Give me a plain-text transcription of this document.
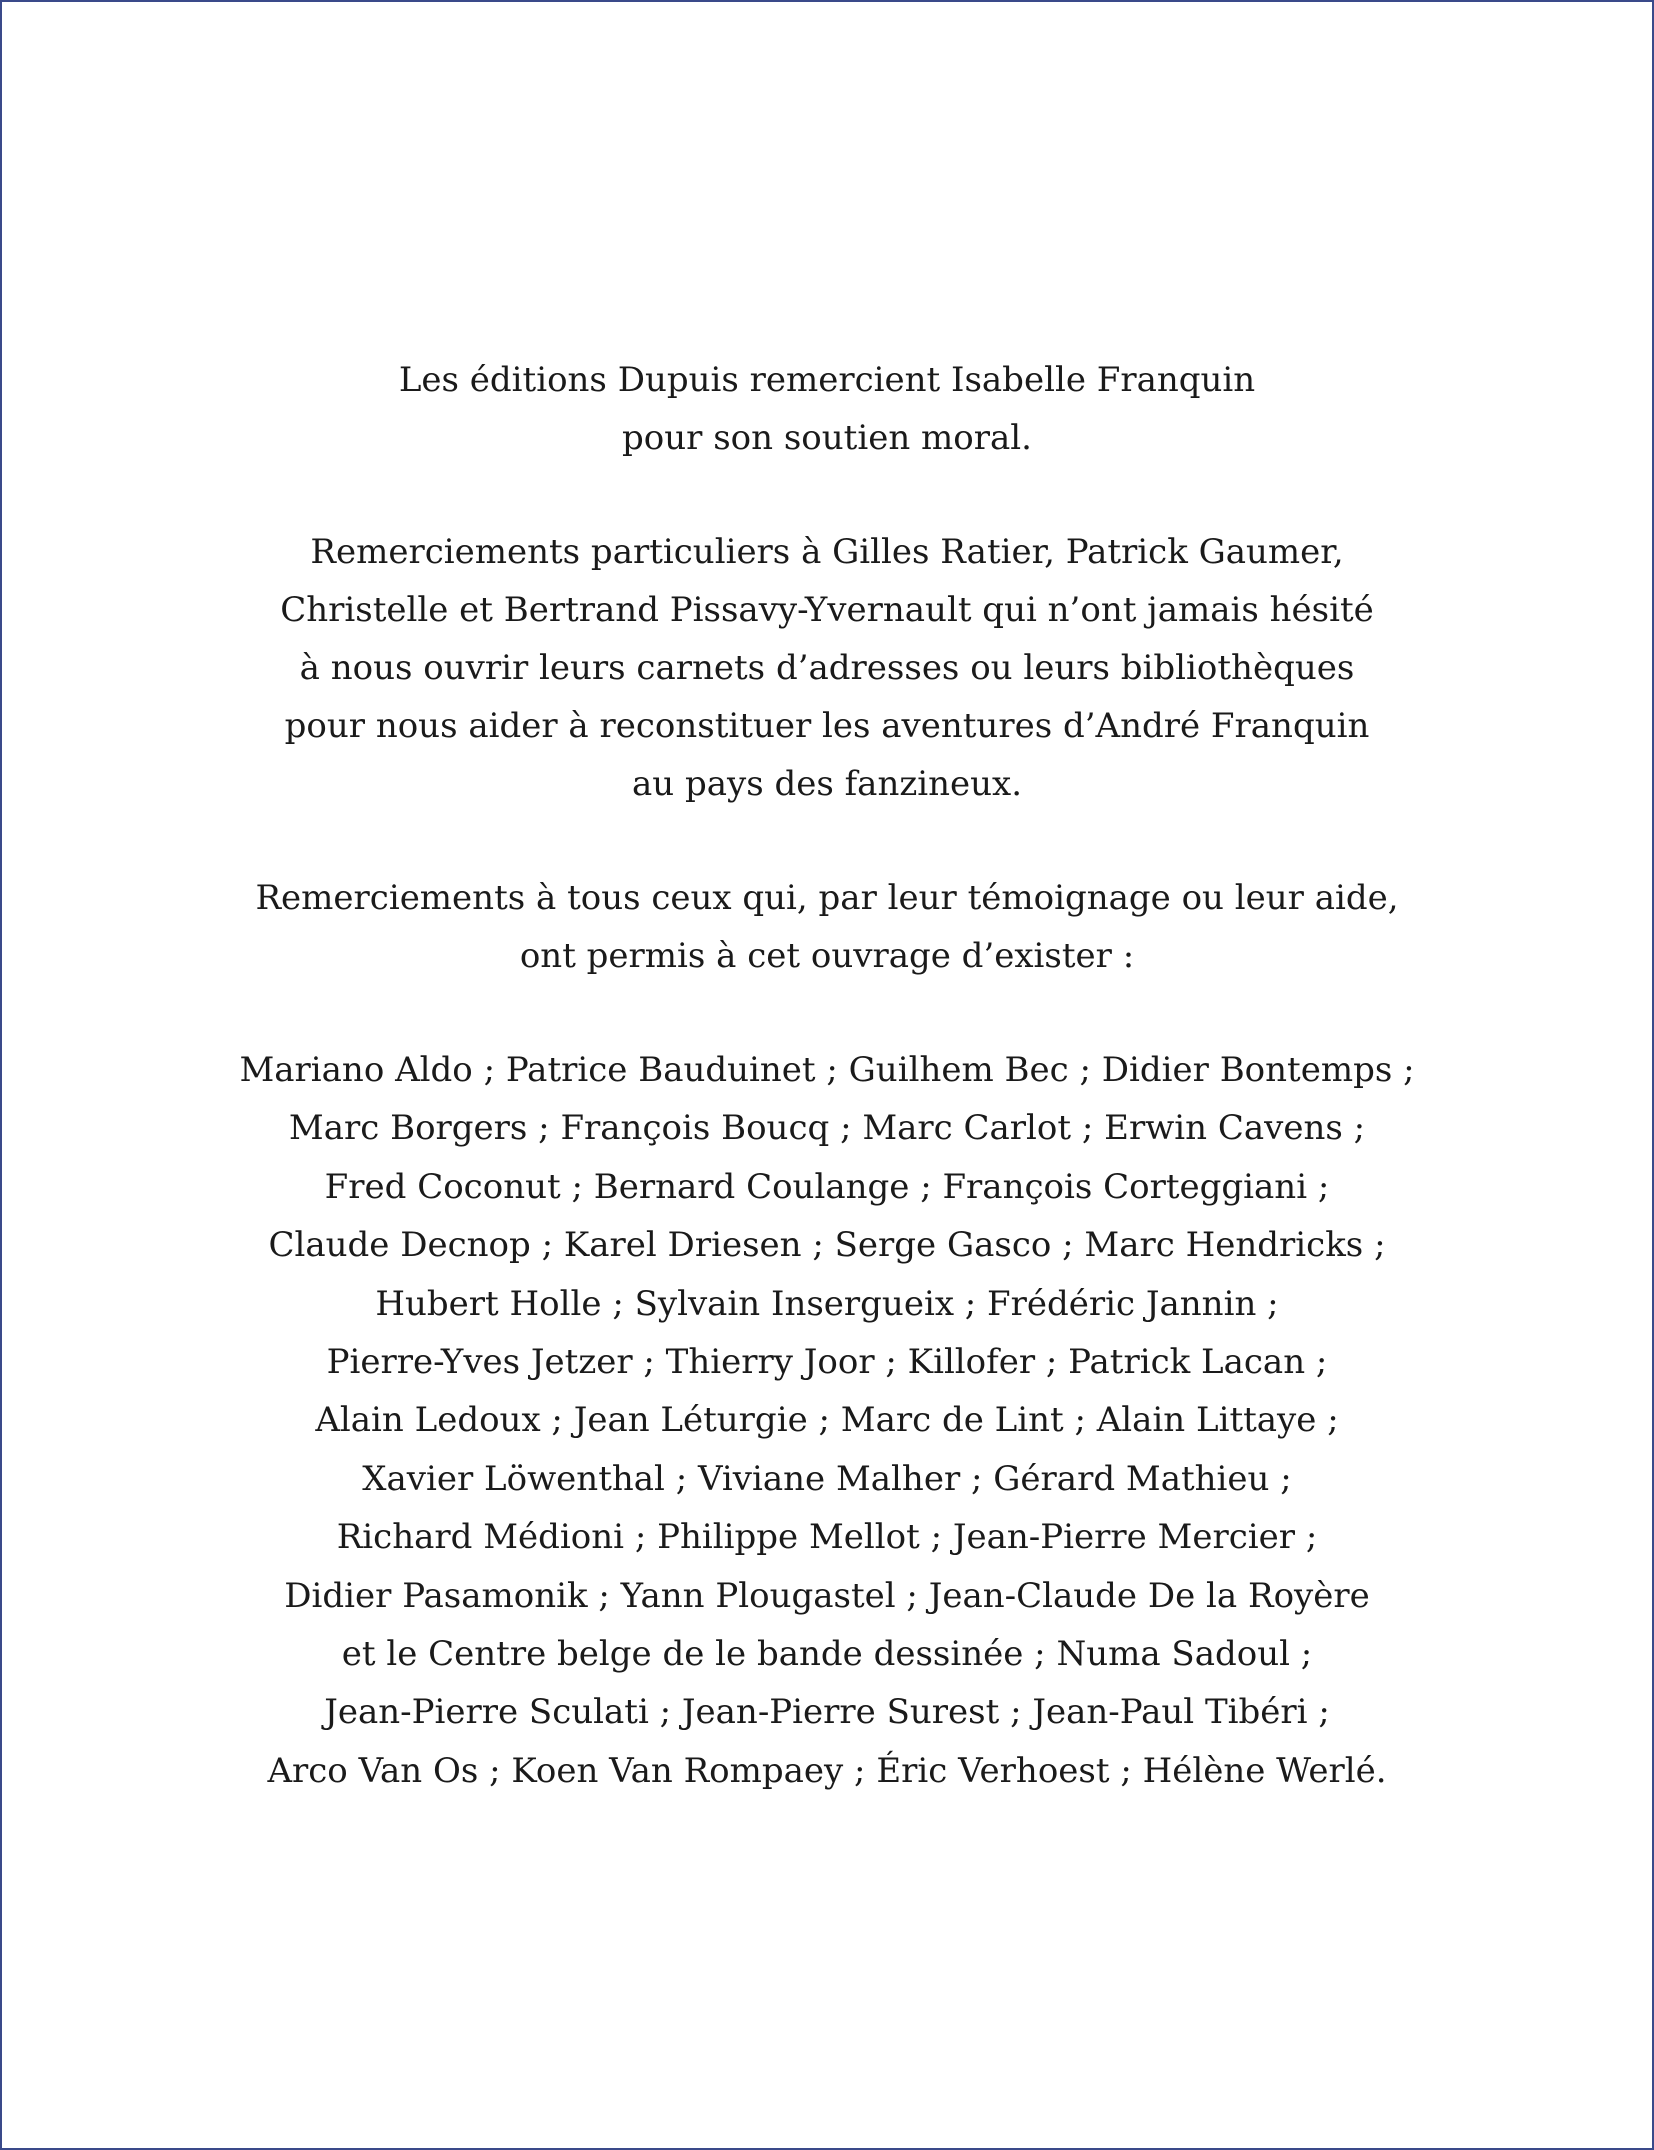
Les éditions Dupuis remercient Isabelle Franquin
pour son soutien moral.
Remerciements particuliers à Gilles Ratier, Patrick Gaumer,
Christelle et Bertrand Pissavy-Yvernault qui n’ont jamais hésité
à nous ouvrir leurs carnets d’adresses ou leurs bibliothèques
pour nous aider à reconstituer les aventures d’André Franquin
au pays des fanzineux.
Remerciements à tous ceux qui, par leur témoignage ou leur aide,
ont permis à cet ouvrage d’exister :
Mariano Aldo ; Patrice Bauduinet ; Guilhem Bec ; Didier Bontemps ;
Marc Borgers ; François Boucq ; Marc Carlot ; Erwin Cavens ;
Fred Coconut ; Bernard Coulange ; François Corteggiani ;
Claude Decnop ; Karel Driesen ; Serge Gasco ; Marc Hendricks ;
Hubert Holle ; Sylvain Insergueix ; Frédéric Jannin ;
Pierre-Yves Jetzer ; Thierry Joor ; Killofer ; Patrick Lacan ;
Alain Ledoux ; Jean Léturgie ; Marc de Lint ; Alain Littaye ;
Xavier Löwenthal ; Viviane Malher ; Gérard Mathieu ;
Richard Médioni ; Philippe Mellot ; Jean-Pierre Mercier ;
Didier Pasamonik ; Yann Plougastel ; Jean-Claude De la Royère
et le Centre belge de le bande dessinée ; Numa Sadoul ;
Jean-Pierre Sculati ; Jean-Pierre Surest ; Jean-Paul Tibéri ;
Arco Van Os ; Koen Van Rompaey ; Éric Verhoest ; Hélène Werlé.
